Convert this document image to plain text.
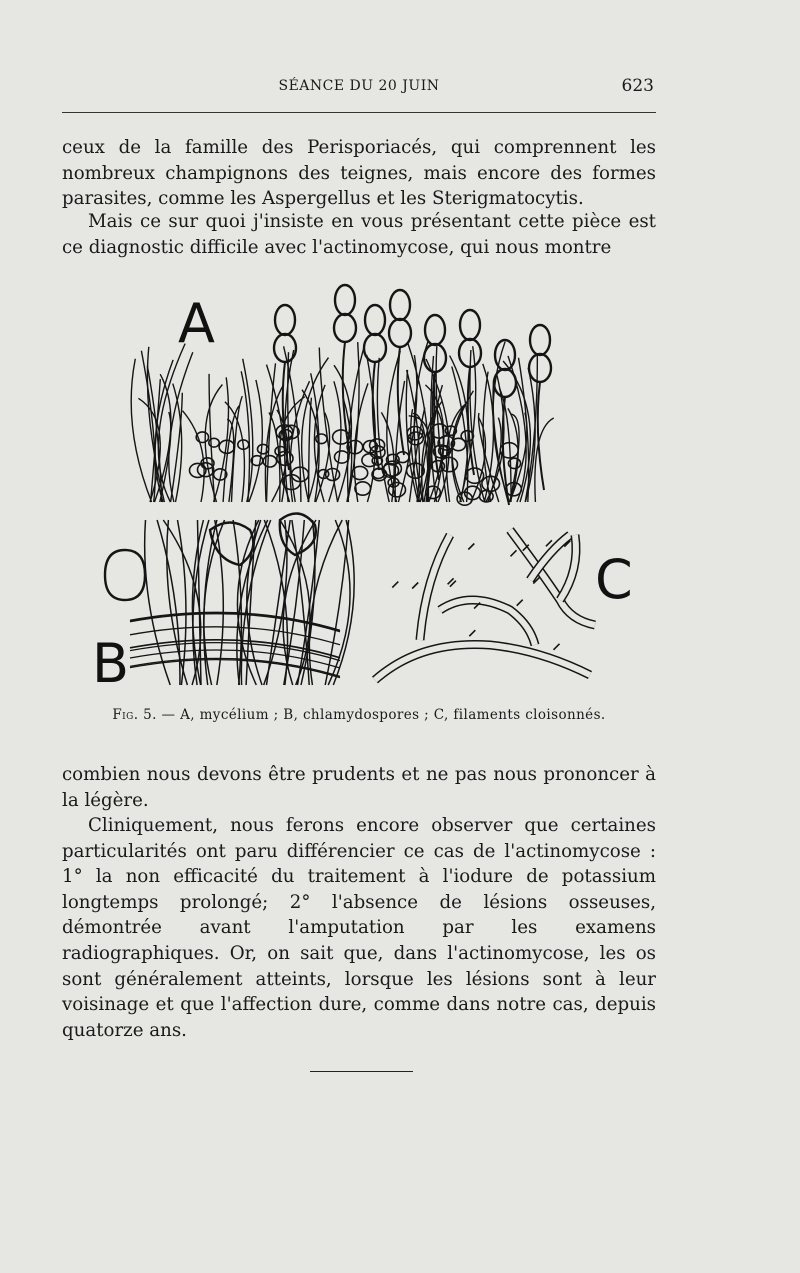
SÉANCE DU 20 JUIN	623

ceux de la famille des Perisporiacés, qui comprennent les nombreux champignons des teignes, mais encore des formes parasites, comme les Aspergellus et les Sterigmatocytis.

Mais ce sur quoi j'insiste en vous présentant cette pièce est ce diagnostic difficile avec l'actinomycose, qui nous montre

A
B
C
Fig. 5. — A, mycélium ; B, chlamydospores ; C, filaments cloisonnés.

combien nous devons être prudents et ne pas nous prononcer à la légère.

Cliniquement, nous ferons encore observer que certaines particularités ont paru différencier ce cas de l'actinomycose : 1° la non efficacité du traitement à l'iodure de potassium longtemps prolongé; 2° l'absence de lésions osseuses, démontrée avant l'amputation par les examens radiographiques. Or, on sait que, dans l'actinomycose, les os sont généralement atteints, lorsque les lésions sont à leur voisinage et que l'affection dure, comme dans notre cas, depuis quatorze ans.
